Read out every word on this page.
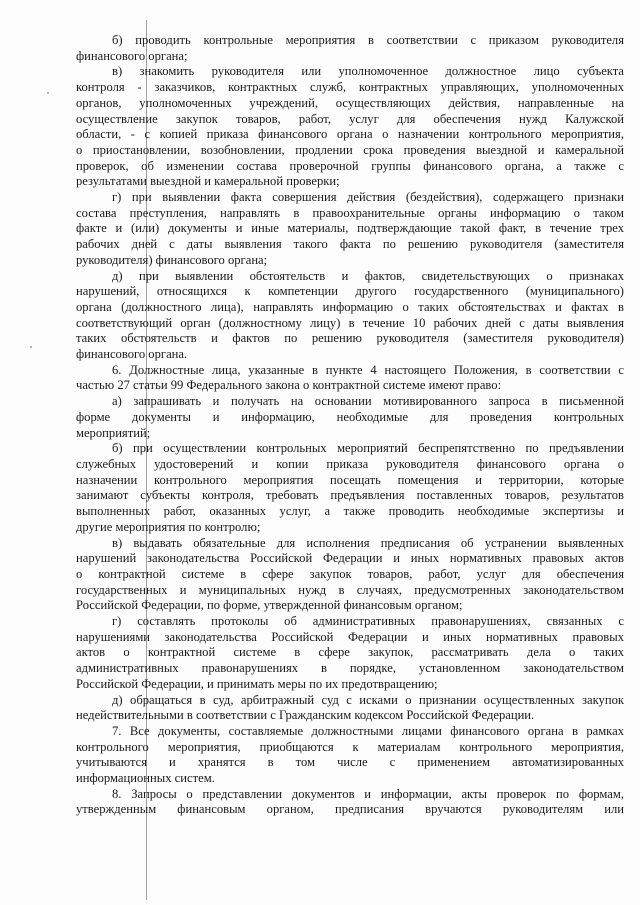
б) проводить контрольные мероприятия в соответствии с приказом руководителя
финансового органа;
в) знакомить руководителя или уполномоченное должностное лицо субъекта
контроля - заказчиков, контрактных служб, контрактных управляющих, уполномоченных
органов, уполномоченных учреждений, осуществляющих действия, направленные на
осуществление закупок товаров, работ, услуг для обеспечения нужд Калужской
области, - с копией приказа финансового органа о назначении контрольного мероприятия,
о приостановлении, возобновлении, продлении срока проведения выездной и камеральной
проверок, об изменении состава проверочной группы финансового органа, а также с
результатами выездной и камеральной проверки;
г) при выявлении факта совершения действия (бездействия), содержащего признаки
состава преступления, направлять в правоохранительные органы информацию о таком
факте и (или) документы и иные материалы, подтверждающие такой факт, в течение трех
рабочих дней с даты выявления такого факта по решению руководителя (заместителя
руководителя) финансового органа;
д) при выявлении обстоятельств и фактов, свидетельствующих о признаках
нарушений, относящихся к компетенции другого государственного (муниципального)
органа (должностного лица), направлять информацию о таких обстоятельствах и фактах в
соответствующий орган (должностному лицу) в течение 10 рабочих дней с даты выявления
таких обстоятельств и фактов по решению руководителя (заместителя руководителя)
финансового органа.
6. Должностные лица, указанные в пункте 4 настоящего Положения, в соответствии с
частью 27 статьи 99 Федерального закона о контрактной системе имеют право:
а) запрашивать и получать на основании мотивированного запроса в письменной
форме документы и информацию, необходимые для проведения контрольных
мероприятий;
б) при осуществлении контрольных мероприятий беспрепятственно по предъявлении
служебных удостоверений и копии приказа руководителя финансового органа о
назначении контрольного мероприятия посещать помещения и территории, которые
занимают субъекты контроля, требовать предъявления поставленных товаров, результатов
выполненных работ, оказанных услуг, а также проводить необходимые экспертизы и
другие мероприятия по контролю;
в) выдавать обязательные для исполнения предписания об устранении выявленных
нарушений законодательства Российской Федерации и иных нормативных правовых актов
о контрактной системе в сфере закупок товаров, работ, услуг для обеспечения
государственных и муниципальных нужд в случаях, предусмотренных законодательством
Российской Федерации, по форме, утвержденной финансовым органом;
г) составлять протоколы об административных правонарушениях, связанных с
нарушениями законодательства Российской Федерации и иных нормативных правовых
актов о контрактной системе в сфере закупок, рассматривать дела о таких
административных правонарушениях в порядке, установленном законодательством
Российской Федерации, и принимать меры по их предотвращению;
д) обращаться в суд, арбитражный суд с исками о признании осуществленных закупок
недействительными в соответствии с Гражданским кодексом Российской Федерации.
7. Все документы, составляемые должностными лицами финансового органа в рамках
контрольного мероприятия, приобщаются к материалам контрольного мероприятия,
учитываются и хранятся в том числе с применением автоматизированных
информационных систем.
8. Запросы о представлении документов и информации, акты проверок по формам,
утвержденным финансовым органом, предписания вручаются руководителям или
